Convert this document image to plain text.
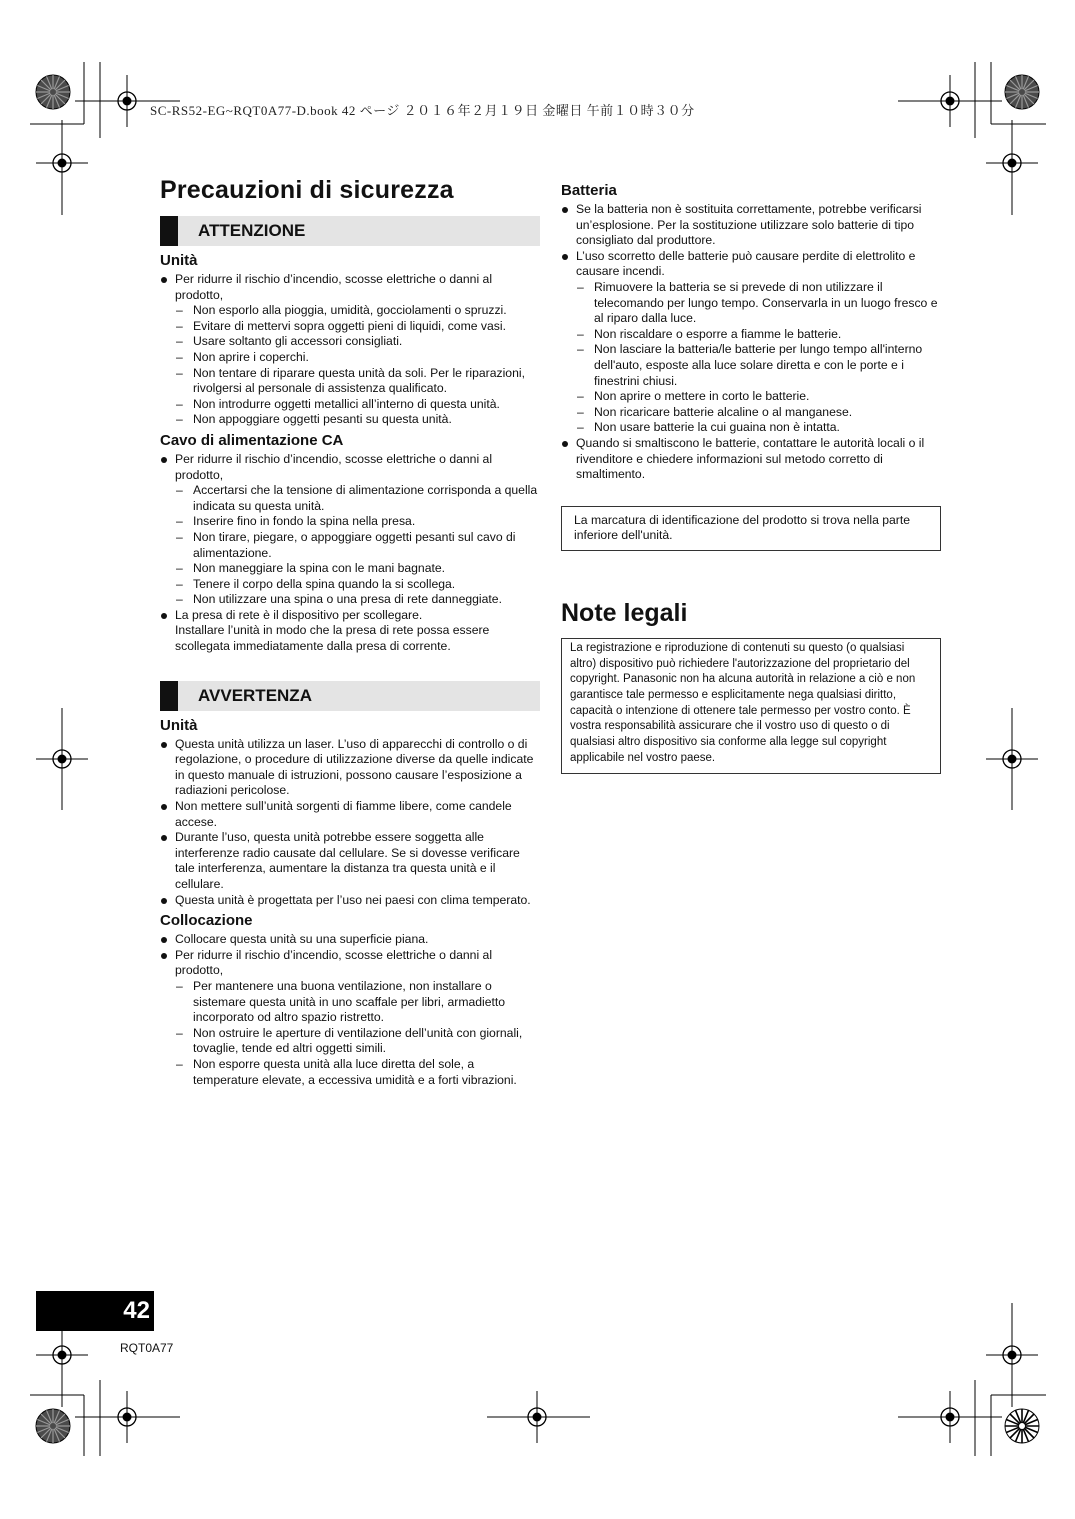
SC-RS52-EG~RQT0A77-D.book 42 ページ ２０１６年２月１９日 金曜日 午前１０時３０分
Precauzioni di sicurezza
ATTENZIONE
Unità
Per ridurre il rischio d’incendio, scosse elettriche o danni al prodotto,
– Non esporlo alla pioggia, umidità, gocciolamenti o spruzzi.
– Evitare di mettervi sopra oggetti pieni di liquidi, come vasi.
– Usare soltanto gli accessori consigliati.
– Non aprire i coperchi.
– Non tentare di riparare questa unità da soli. Per le riparazioni, rivolgersi al personale di assistenza qualificato.
– Non introdurre oggetti metallici all’interno di questa unità.
– Non appoggiare oggetti pesanti su questa unità.
Cavo di alimentazione CA
Per ridurre il rischio d’incendio, scosse elettriche o danni al prodotto,
– Accertarsi che la tensione di alimentazione corrisponda a quella indicata su questa unità.
– Inserire fino in fondo la spina nella presa.
– Non tirare, piegare, o appoggiare oggetti pesanti sul cavo di alimentazione.
– Non maneggiare la spina con le mani bagnate.
– Tenere il corpo della spina quando la si scollega.
– Non utilizzare una spina o una presa di rete danneggiate.
La presa di rete è il dispositivo per scollegare.
Installare l’unità in modo che la presa di rete possa essere scollegata immediatamente dalla presa di corrente.
AVVERTENZA
Unità
Questa unità utilizza un laser. L’uso di apparecchi di controllo o di regolazione, o procedure di utilizzazione diverse da quelle indicate in questo manuale di istruzioni, possono causare l’esposizione a radiazioni pericolose.
Non mettere sull’unità sorgenti di fiamme libere, come candele accese.
Durante l’uso, questa unità potrebbe essere soggetta alle interferenze radio causate dal cellulare. Se si dovesse verificare tale interferenza, aumentare la distanza tra questa unità e il cellulare.
Questa unità è progettata per l’uso nei paesi con clima temperato.
Collocazione
Collocare questa unità su una superficie piana.
Per ridurre il rischio d’incendio, scosse elettriche o danni al prodotto,
– Per mantenere una buona ventilazione, non installare o sistemare questa unità in uno scaffale per libri, armadietto incorporato od altro spazio ristretto.
– Non ostruire le aperture di ventilazione dell’unità con giornali, tovaglie, tende ed altri oggetti simili.
– Non esporre questa unità alla luce diretta del sole, a temperature elevate, a eccessiva umidità e a forti vibrazioni.
Batteria
Se la batteria non è sostituita correttamente, potrebbe verificarsi un’esplosione. Per la sostituzione utilizzare solo batterie di tipo consigliato dal produttore.
L’uso scorretto delle batterie può causare perdite di elettrolito e causare incendi.
– Rimuovere la batteria se si prevede di non utilizzare il telecomando per lungo tempo. Conservarla in un luogo fresco e al riparo dalla luce.
– Non riscaldare o esporre a fiamme le batterie.
– Non lasciare la batteria/le batterie per lungo tempo all'interno dell'auto, esposte alla luce solare diretta e con le porte e i finestrini chiusi.
– Non aprire o mettere in corto le batterie.
– Non ricaricare batterie alcaline o al manganese.
– Non usare batterie la cui guaina non è intatta.
Quando si smaltiscono le batterie, contattare le autorità locali o il rivenditore e chiedere informazioni sul metodo corretto di smaltimento.
La marcatura di identificazione del prodotto si trova nella parte inferiore dell'unità.
Note legali
La registrazione e riproduzione di contenuti su questo (o qualsiasi altro) dispositivo può richiedere l'autorizzazione del proprietario del copyright. Panasonic non ha alcuna autorità in relazione a ciò e non garantisce tale permesso e esplicitamente nega qualsiasi diritto, capacità o intenzione di ottenere tale permesso per vostro conto. È vostra responsabilità assicurare che il vostro uso di questo o di qualsiasi altro dispositivo sia conforme alla legge sul copyright applicabile nel vostro paese.
42
RQT0A77
